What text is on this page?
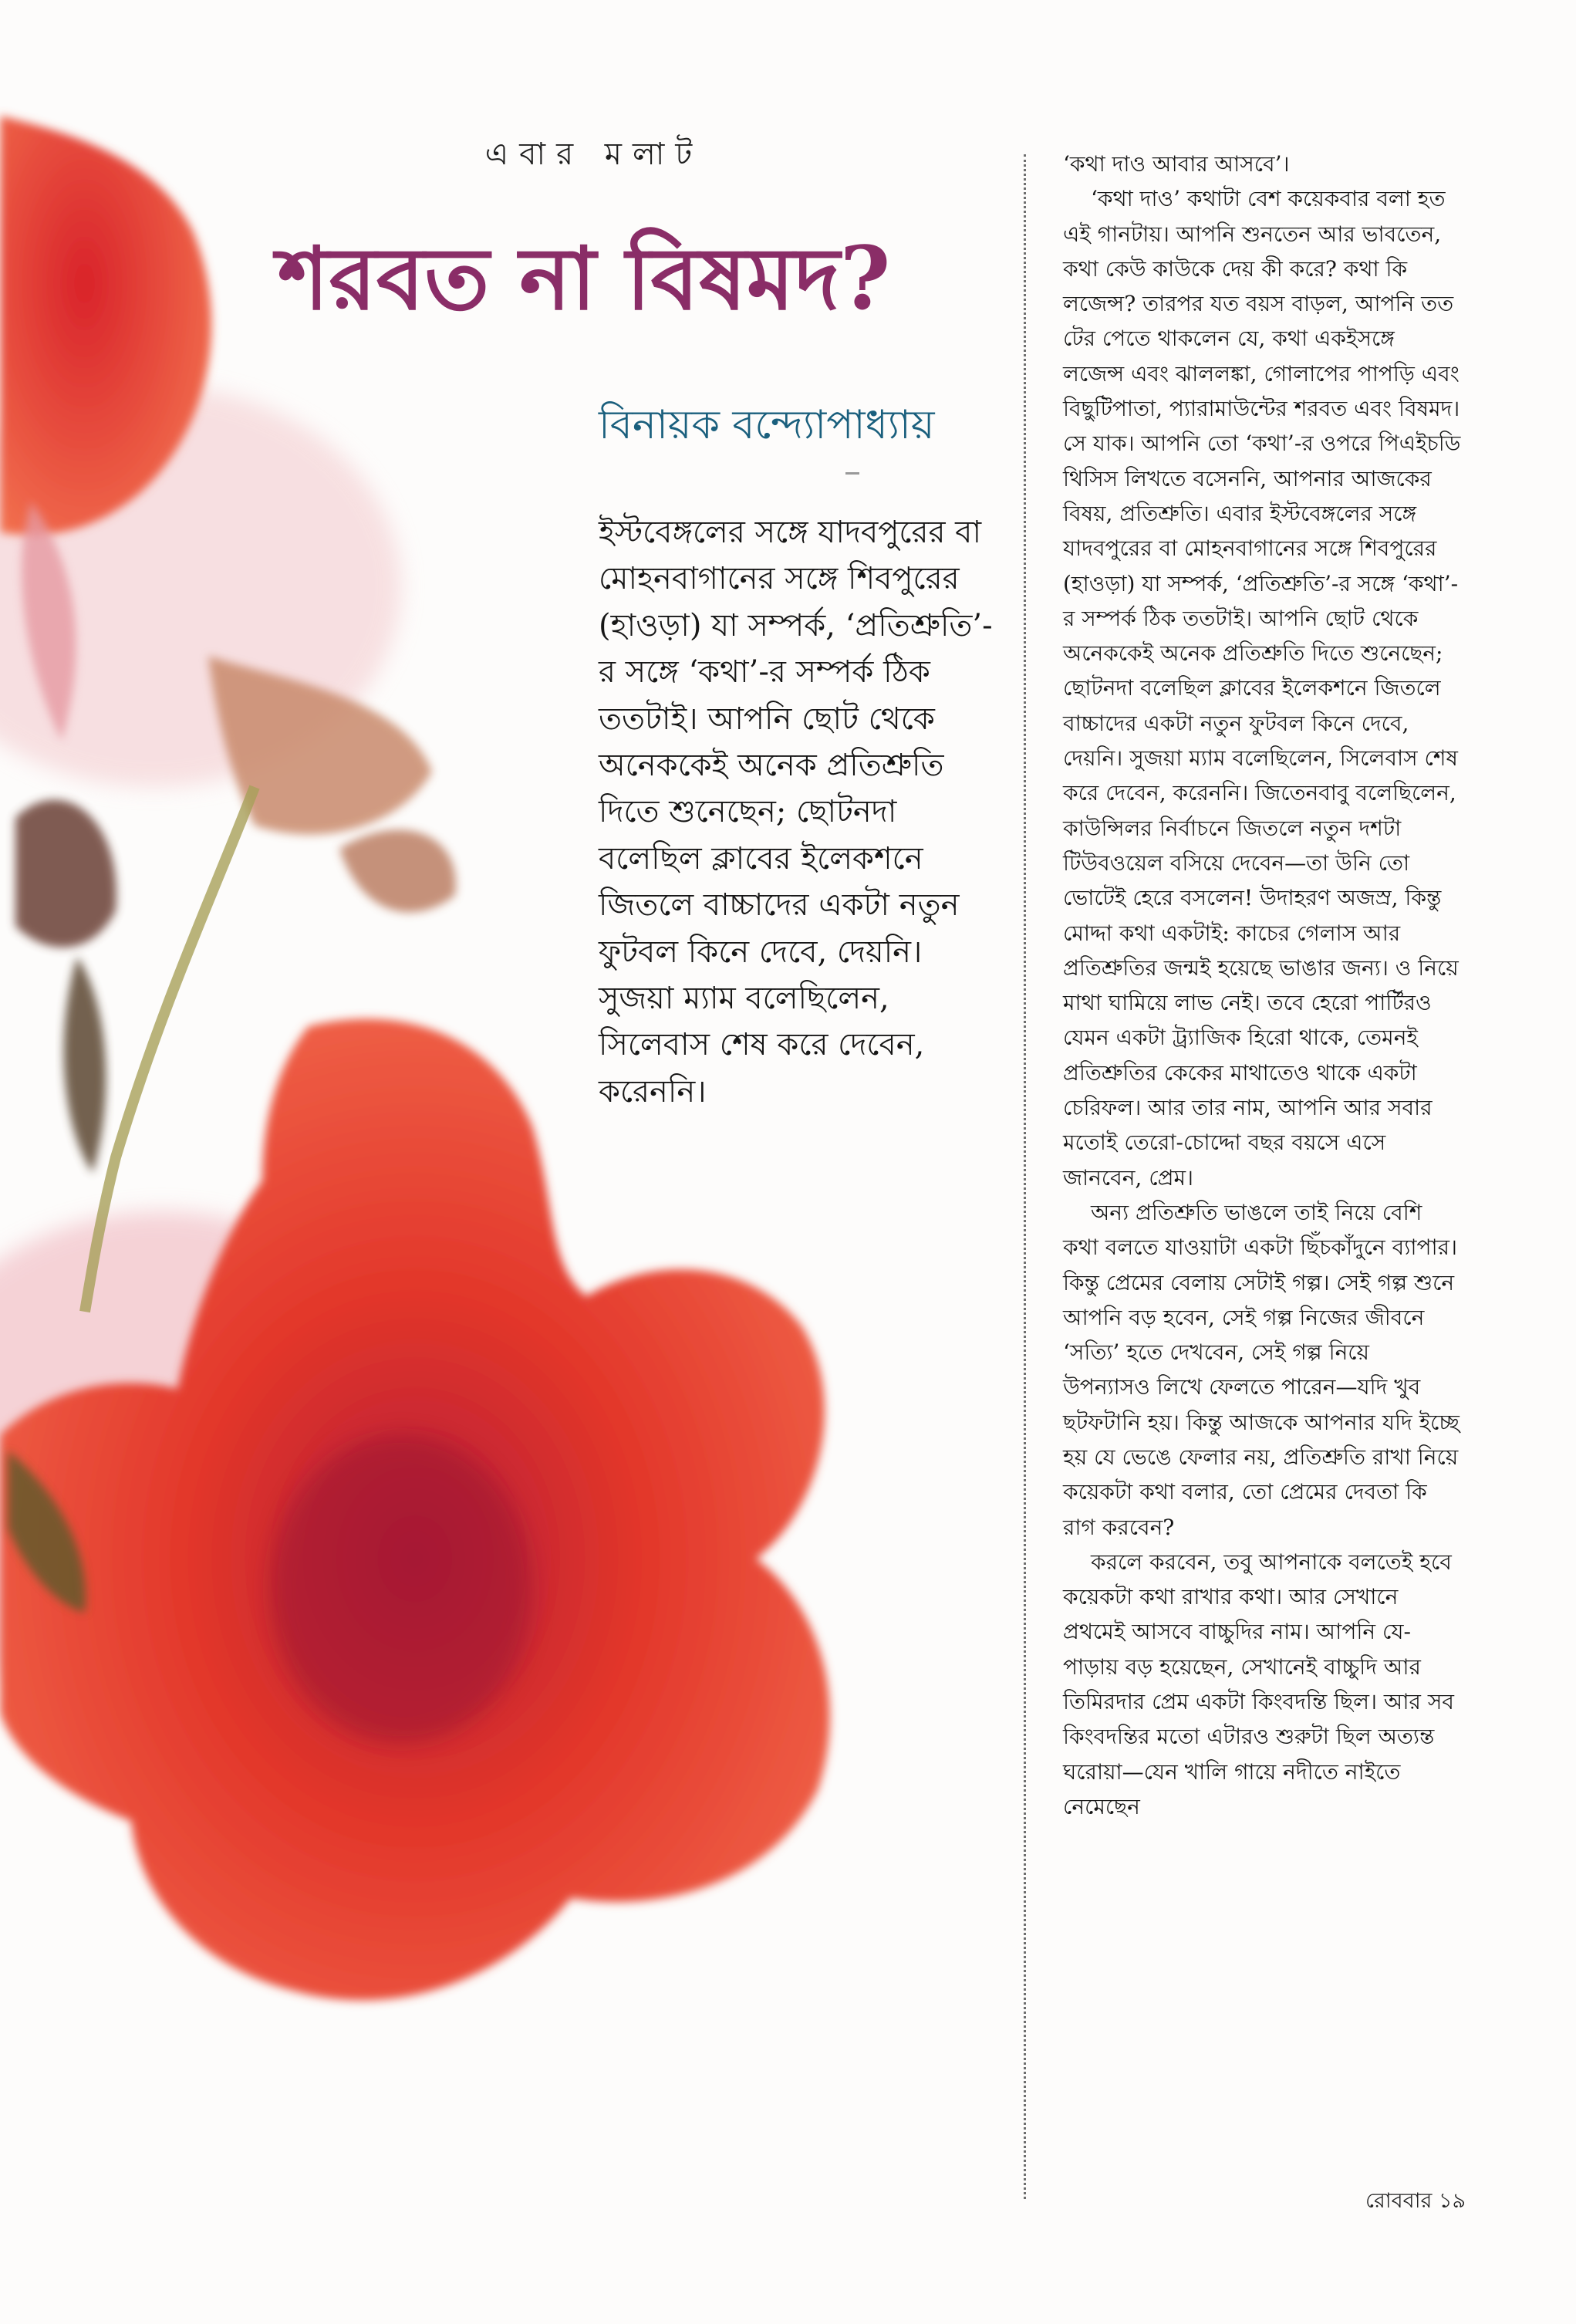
এবার মলাট
শরবত না বিষমদ?
বিনায়ক বন্দ্যোপাধ্যায়

ইস্টবেঙ্গলের সঙ্গে যাদবপুরের বা মোহনবাগানের সঙ্গে শিবপুরের (হাওড়া) যা সম্পর্ক, ‘প্রতিশ্রুতি’-র সঙ্গে ‘কথা’-র সম্পর্ক ঠিক ততটাই। আপনি ছোট থেকে অনেককেই অনেক প্রতিশ্রুতি দিতে শুনেছেন; ছোটনদা বলেছিল ক্লাবের ইলেকশনে জিতলে বাচ্চাদের একটা নতুন ফুটবল কিনে দেবে, দেয়নি। সুজয়া ম্যাম বলেছিলেন, সিলেবাস শেষ করে দেবেন, করেননি।

‘কথা দাও আবার আসবে’।

‘কথা দাও’ কথাটা বেশ কয়েকবার বলা হত এই গানটায়। আপনি শুনতেন আর ভাবতেন, কথা কেউ কাউকে দেয় কী করে? কথা কি লজেন্স? তারপর যত বয়স বাড়ল, আপনি তত টের পেতে থাকলেন যে, কথা একইসঙ্গে লজেন্স এবং ঝাললঙ্কা, গোলাপের পাপড়ি এবং বিছুটিপাতা, প্যারামাউন্টের শরবত এবং বিষমদ। সে যাক। আপনি তো ‘কথা’-র ওপরে পিএইচডি থিসিস লিখতে বসেননি, আপনার আজকের বিষয়, প্রতিশ্রুতি। এবার ইস্টবেঙ্গলের সঙ্গে যাদবপুরের বা মোহনবাগানের সঙ্গে শিবপুরের (হাওড়া) যা সম্পর্ক, ‘প্রতিশ্রুতি’-র সঙ্গে ‘কথা’-র সম্পর্ক ঠিক ততটাই। আপনি ছোট থেকে অনেককেই অনেক প্রতিশ্রুতি দিতে শুনেছেন; ছোটনদা বলেছিল ক্লাবের ইলেকশনে জিতলে বাচ্চাদের একটা নতুন ফুটবল কিনে দেবে, দেয়নি। সুজয়া ম্যাম বলেছিলেন, সিলেবাস শেষ করে দেবেন, করেননি। জিতেনবাবু বলেছিলেন, কাউন্সিলর নির্বাচনে জিতলে নতুন দশটা টিউবওয়েল বসিয়ে দেবেন—তা উনি তো ভোটেই হেরে বসলেন! উদাহরণ অজস্র, কিন্তু মোদ্দা কথা একটাই: কাচের গেলাস আর প্রতিশ্রুতির জন্মই হয়েছে ভাঙার জন্য। ও নিয়ে মাথা ঘামিয়ে লাভ নেই। তবে হেরো পার্টিরও যেমন একটা ট্র্যাজিক হিরো থাকে, তেমনই প্রতিশ্রুতির কেকের মাথাতেও থাকে একটা চেরিফল। আর তার নাম, আপনি আর সবার মতোই তেরো-চোদ্দো বছর বয়সে এসে জানবেন, প্রেম।

অন্য প্রতিশ্রুতি ভাঙলে তাই নিয়ে বেশি কথা বলতে যাওয়াটা একটা ছিঁচকাঁদুনে ব্যাপার। কিন্তু প্রেমের বেলায় সেটাই গল্প। সেই গল্প শুনে আপনি বড় হবেন, সেই গল্প নিজের জীবনে ‘সত্যি’ হতে দেখবেন, সেই গল্প নিয়ে উপন্যাসও লিখে ফেলতে পারেন—যদি খুব ছটফটানি হয়। কিন্তু আজকে আপনার যদি ইচ্ছে হয় যে ভেঙে ফেলার নয়, প্রতিশ্রুতি রাখা নিয়ে কয়েকটা কথা বলার, তো প্রেমের দেবতা কি রাগ করবেন?

করলে করবেন, তবু আপনাকে বলতেই হবে কয়েকটা কথা রাখার কথা। আর সেখানে প্রথমেই আসবে বাচ্চুদির নাম। আপনি যে-পাড়ায় বড় হয়েছেন, সেখানেই বাচ্চুদি আর তিমিরদার প্রেম একটা কিংবদন্তি ছিল। আর সব কিংবদন্তির মতো এটারও শুরুটা ছিল অত্যন্ত ঘরোয়া—যেন খালি গায়ে নদীতে নাইতে নেমেছেন

রোববার ১৯
